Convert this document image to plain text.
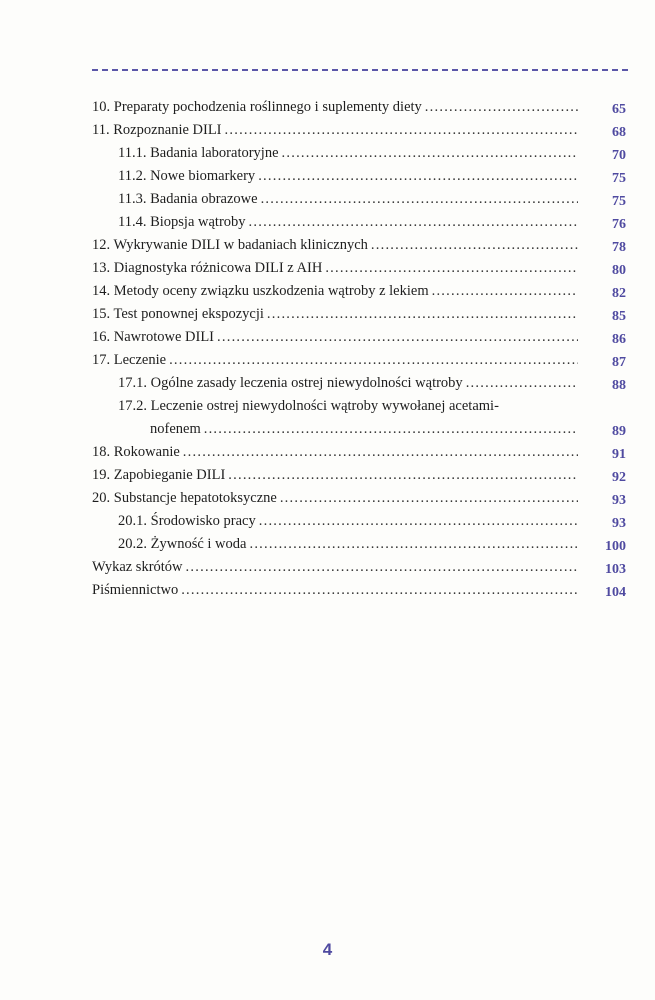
10. Preparaty pochodzenia roślinnego i suplementy diety . . .	65
11. Rozpoznanie DILI . . .	68
11.1. Badania laboratoryjne . . .	70
11.2. Nowe biomarkery . . .	75
11.3. Badania obrazowe . . .	75
11.4. Biopsja wątroby . . .	76
12. Wykrywanie DILI w badaniach klinicznych . . .	78
13. Diagnostyka różnicowa DILI z AIH . . .	80
14. Metody oceny związku uszkodzenia wątroby z lekiem . . .	82
15. Test ponownej ekspozycji . . .	85
16. Nawrotowe DILI . . .	86
17. Leczenie . . .	87
17.1. Ogólne zasady leczenia ostrej niewydolności wątroby . . .	88
17.2. Leczenie ostrej niewydolności wątroby wywołanej acetami-
nofenem . . .	89
18. Rokowanie . . .	91
19. Zapobieganie DILI . . .	92
20. Substancje hepatotoksyczne . . .	93
20.1. Środowisko pracy . . .	93
20.2. Żywność i woda . . .	100
Wykaz skrótów . . .	103
Piśmiennictwo . . .	104
4
